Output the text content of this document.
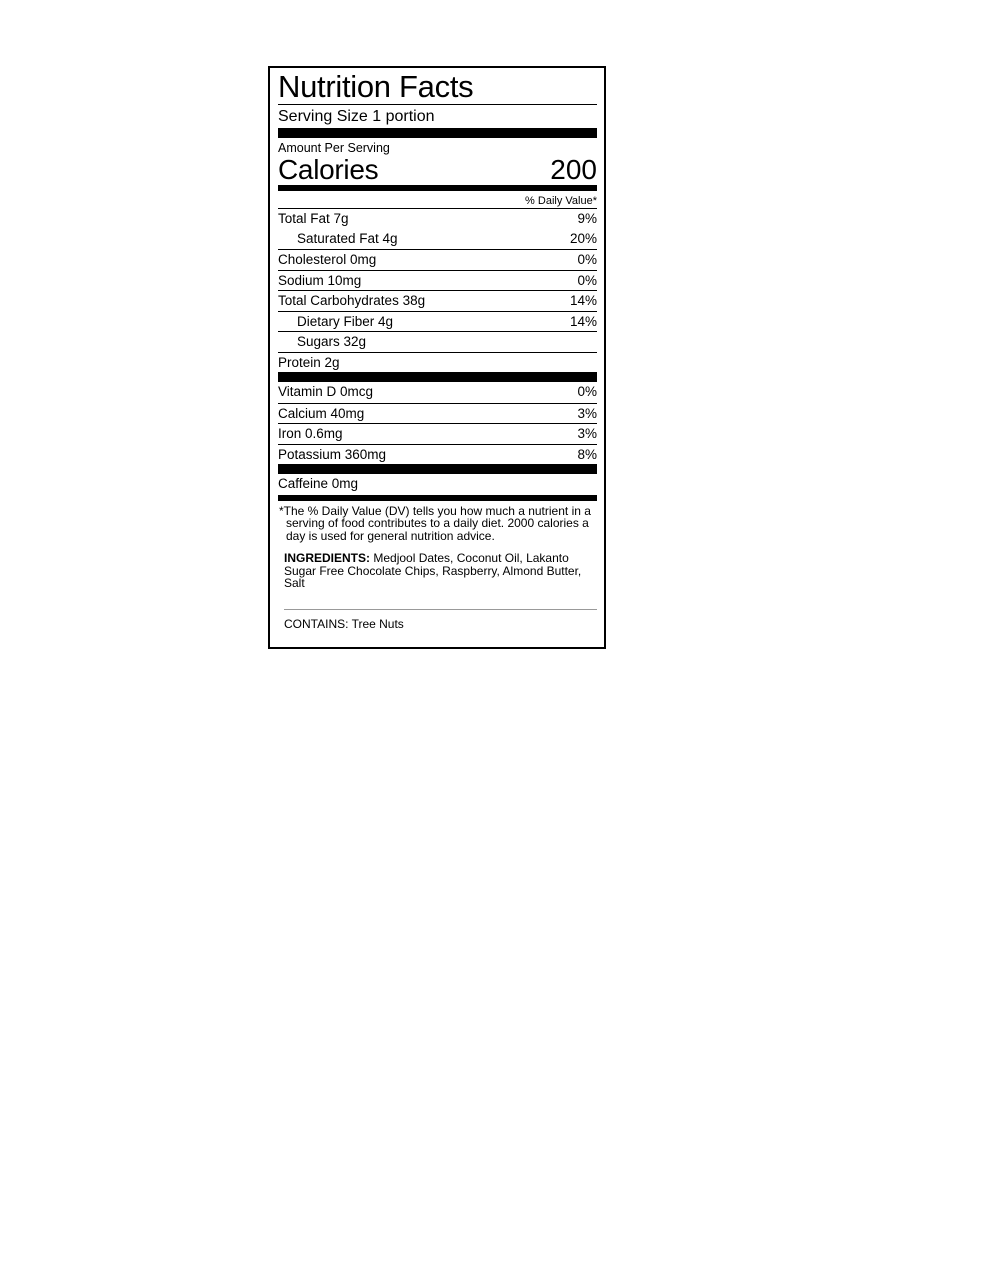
Nutrition Facts
Serving Size 1 portion
Amount Per Serving
Calories	200
% Daily Value*
Total Fat 7g	9%
Saturated Fat 4g	20%
Cholesterol 0mg	0%
Sodium 10mg	0%
Total Carbohydrates 38g	14%
Dietary Fiber 4g	14%
Sugars 32g
Protein 2g
Vitamin D 0mcg	0%
Calcium 40mg	3%
Iron 0.6mg	3%
Potassium 360mg	8%
Caffeine 0mg
*The % Daily Value (DV) tells you how much a nutrient in a serving of food contributes to a daily diet. 2000 calories a day is used for general nutrition advice.
INGREDIENTS: Medjool Dates, Coconut Oil, Lakanto Sugar Free Chocolate Chips, Raspberry, Almond Butter, Salt
CONTAINS: Tree Nuts
